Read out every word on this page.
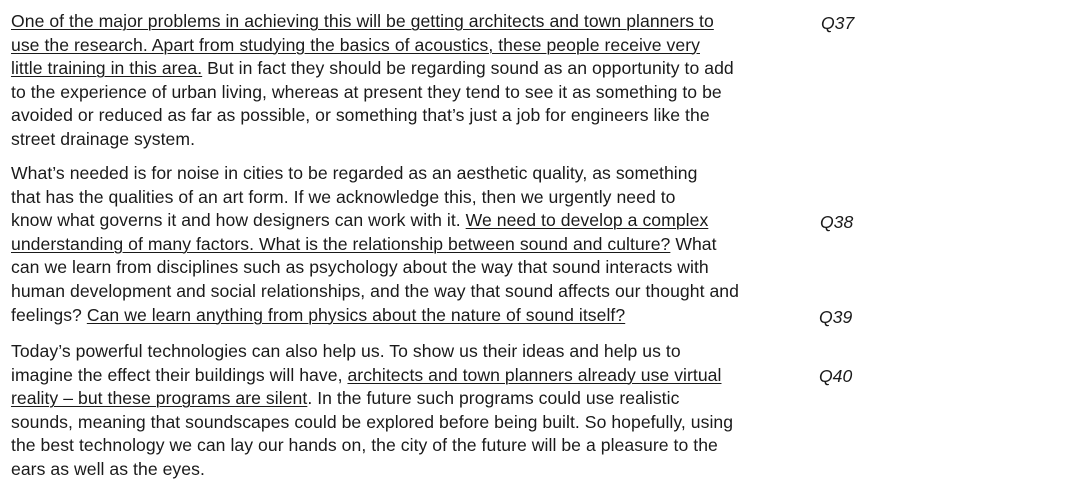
One of the major problems in achieving this will be getting architects and town planners to
use the research. Apart from studying the basics of acoustics, these people receive very
little training in this area. But in fact they should be regarding sound as an opportunity to add
to the experience of urban living, whereas at present they tend to see it as something to be
avoided or reduced as far as possible, or something that’s just a job for engineers like the
street drainage system.
What’s needed is for noise in cities to be regarded as an aesthetic quality, as something
that has the qualities of an art form. If we acknowledge this, then we urgently need to
know what governs it and how designers can work with it. We need to develop a complex
understanding of many factors. What is the relationship between sound and culture? What
can we learn from disciplines such as psychology about the way that sound interacts with
human development and social relationships, and the way that sound affects our thought and
feelings? Can we learn anything from physics about the nature of sound itself?
Today’s powerful technologies can also help us. To show us their ideas and help us to
imagine the effect their buildings will have, architects and town planners already use virtual
reality – but these programs are silent. In the future such programs could use realistic
sounds, meaning that soundscapes could be explored before being built. So hopefully, using
the best technology we can lay our hands on, the city of the future will be a pleasure to the
ears as well as the eyes.
Q37
Q38
Q39
Q40
